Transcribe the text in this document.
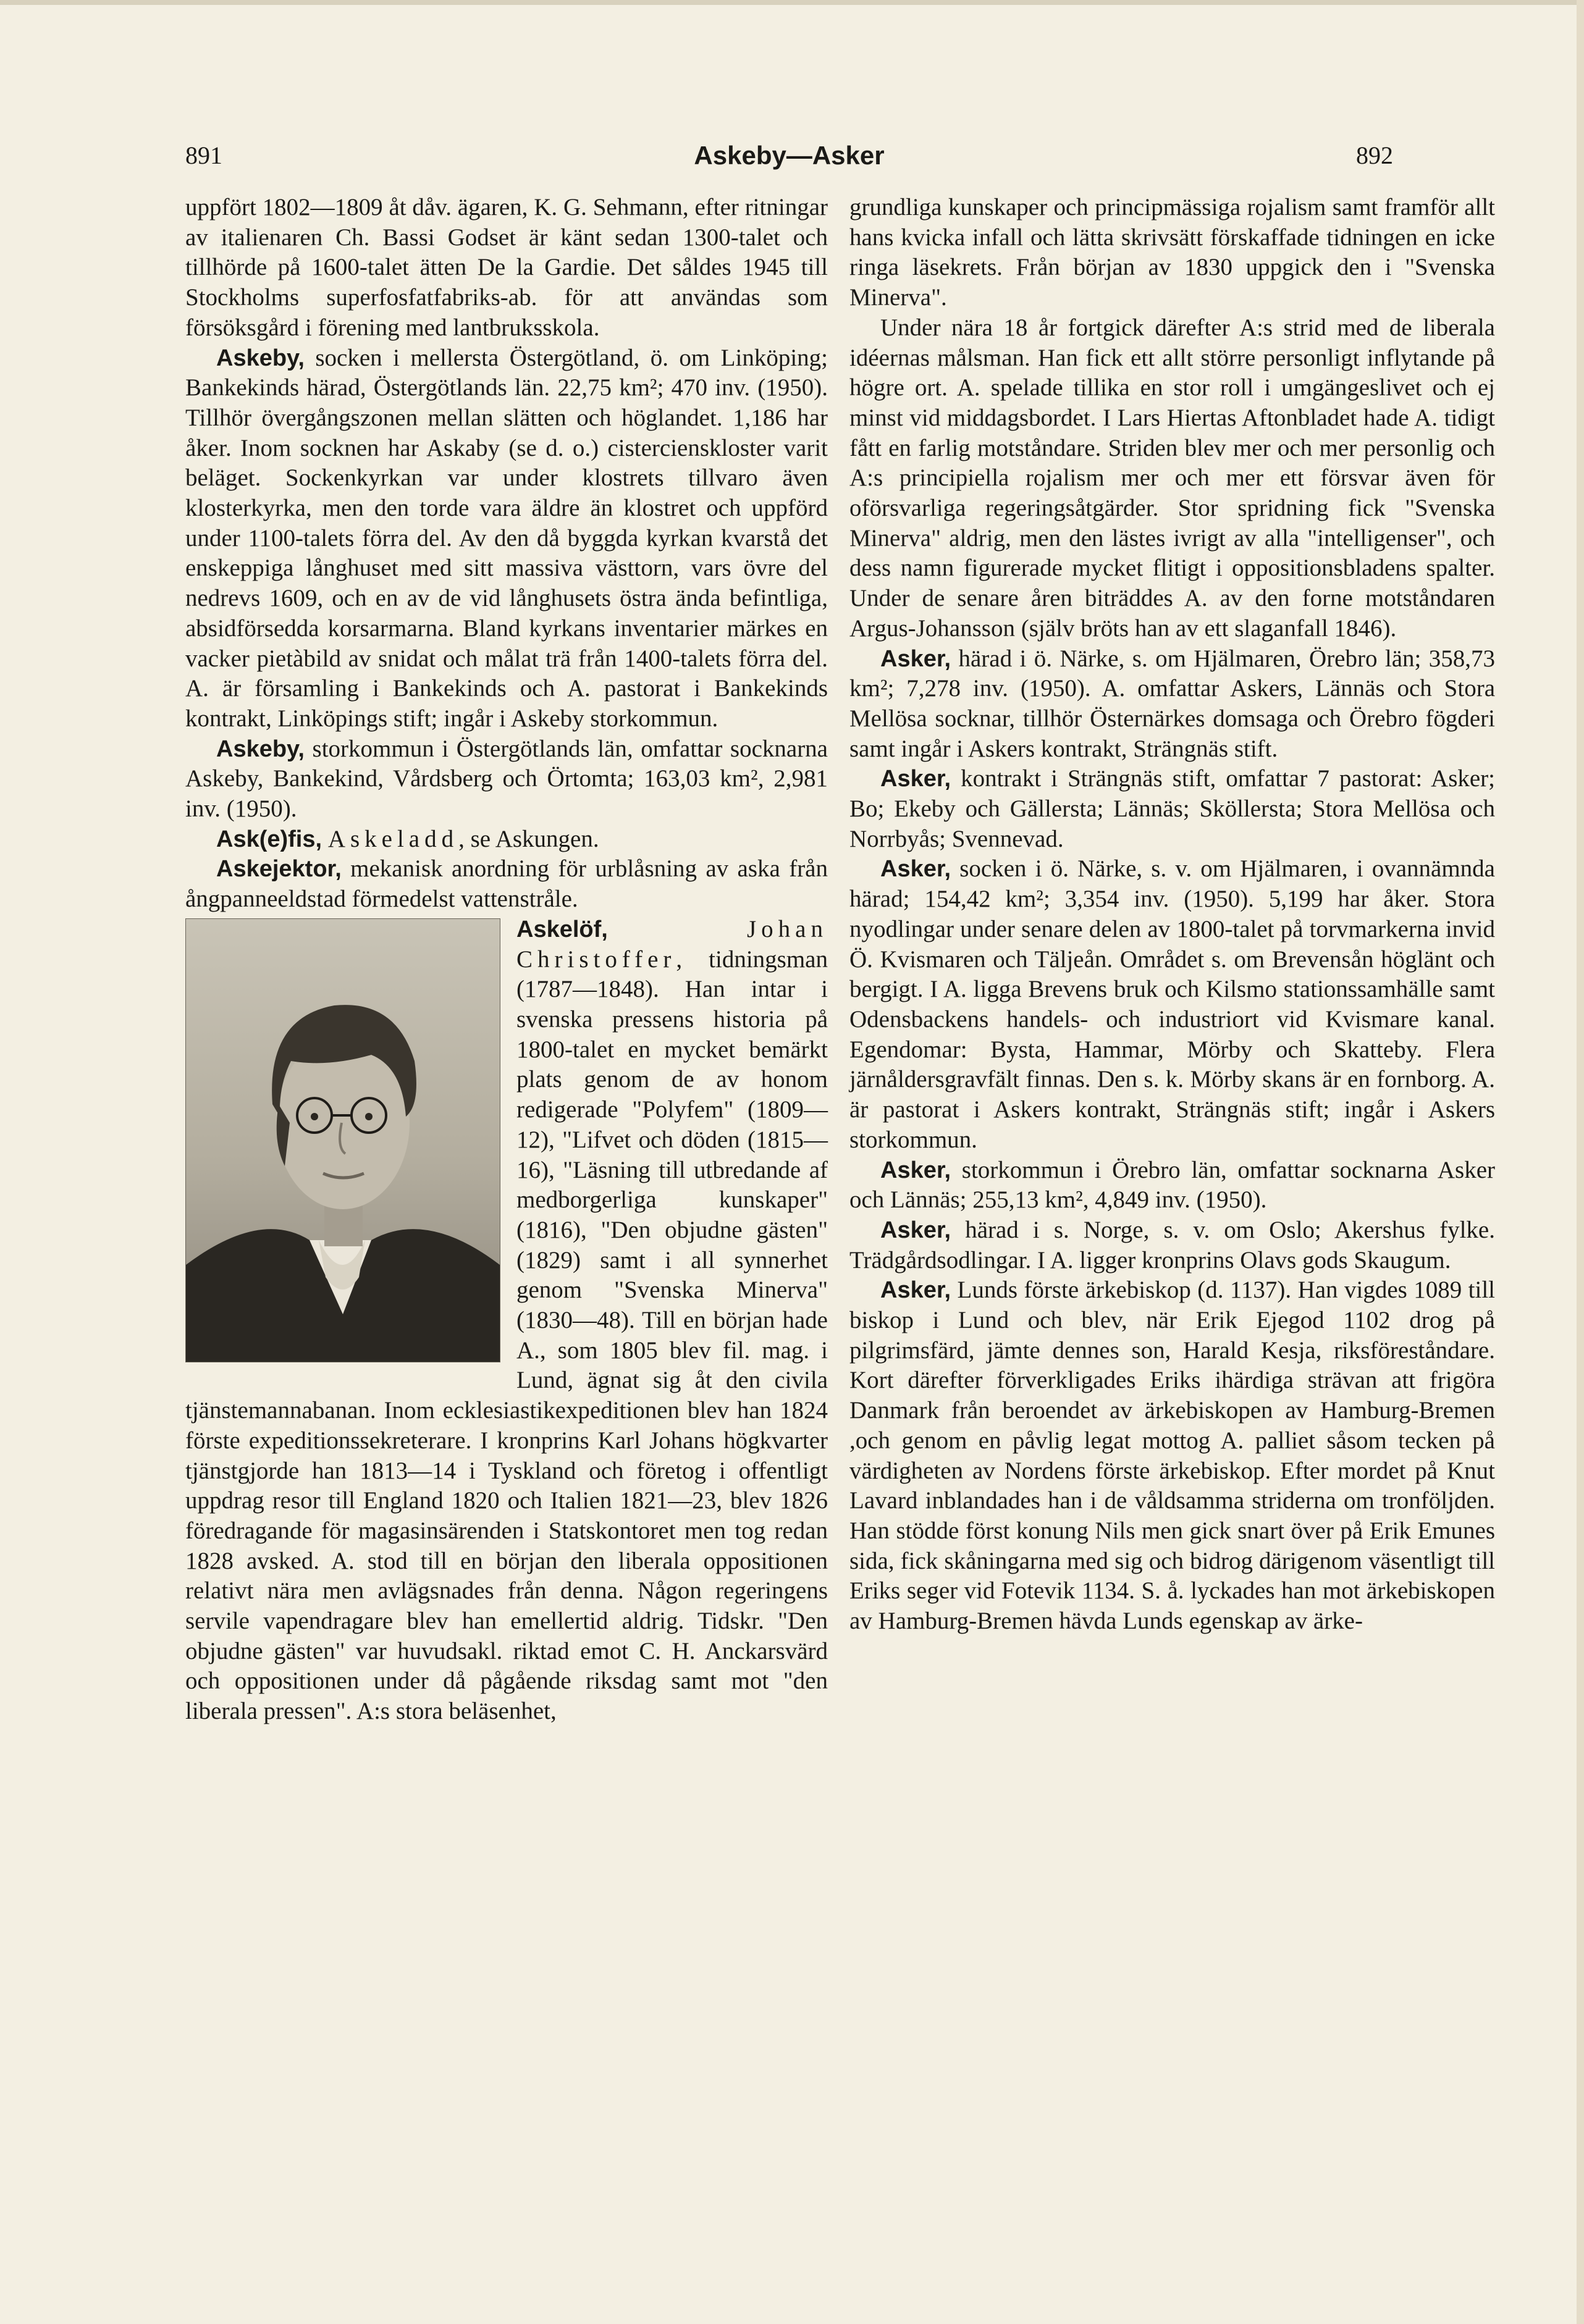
891	Askeby—Asker	892

uppfört 1802—1809 åt dåv. ägaren, K. G. Sehmann, efter ritningar av italienaren Ch. Bassi Godset är känt sedan 1300-talet och tillhörde på 1600-talet ätten De la Gardie. Det såldes 1945 till Stockholms superfosfatfabriks-ab. för att användas som försöksgård i förening med lantbruksskola.

Askeby, socken i mellersta Östergötland, ö. om Linköping; Bankekinds härad, Östergötlands län. 22,75 km²; 470 inv. (1950). Tillhör övergångszonen mellan slätten och höglandet. 1,186 har åker. Inom socknen har Askaby (se d. o.) cistercienskloster varit beläget. Sockenkyrkan var under klostrets tillvaro även klosterkyrka, men den torde vara äldre än klostret och uppförd under 1100-talets förra del. Av den då byggda kyrkan kvarstå det enskeppiga långhuset med sitt massiva västtorn, vars övre del nedrevs 1609, och en av de vid långhusets östra ända befintliga, absidförsedda korsarmarna. Bland kyrkans inventarier märkes en vacker pietàbild av snidat och målat trä från 1400-talets förra del. A. är församling i Bankekinds och A. pastorat i Bankekinds kontrakt, Linköpings stift; ingår i Askeby storkommun.

Askeby, storkommun i Östergötlands län, omfattar socknarna Askeby, Bankekind, Vårdsberg och Örtomta; 163,03 km², 2,981 inv. (1950).

Ask(e)fis, Askeladd, se Askungen.

Askejektor, mekanisk anordning för urblåsning av aska från ångpanneeldstad förmedelst vattenstråle.

Askelöf,	Johan Christoffer, tidningsman (1787—1848). Han intar i svenska pressens historia på 1800-talet en mycket bemärkt plats genom de av honom redigerade "Polyfem" (1809—12), "Lifvet och döden (1815—16), "Läsning till utbredande af medborgerliga kunskaper" (1816), "Den objudne gästen" (1829) samt i all synnerhet genom "Svenska Minerva" (1830—48). Till en början hade A., som 1805 blev fil. mag. i Lund, ägnat sig åt den civila tjänstemannabanan. Inom ecklesiastikexpeditionen blev han 1824 förste expeditionssekreterare. I kronprins Karl Johans högkvarter tjänstgjorde han 1813—14 i Tyskland och företog i offentligt uppdrag resor till England 1820 och Italien 1821—23, blev 1826 föredragande för magasinsärenden i Statskontoret men tog redan 1828 avsked. A. stod till en början den liberala oppositionen relativt nära men avlägsnades från denna. Någon regeringens servile vapendragare blev han emellertid aldrig. Tidskr. "Den objudne gästen" var huvudsakl. riktad emot C. H. Anckarsvärd och oppositionen under då pågående riksdag samt mot "den liberala pressen". A:s stora beläsenhet,

grundliga kunskaper och principmässiga rojalism samt framför allt hans kvicka infall och lätta skrivsätt förskaffade tidningen en icke ringa läsekrets. Från början av 1830 uppgick den i "Svenska Minerva".

Under nära 18 år fortgick därefter A:s strid med de liberala idéernas målsman. Han fick ett allt större personligt inflytande på högre ort. A. spelade tillika en stor roll i umgängeslivet och ej minst vid middagsbordet. I Lars Hiertas Aftonbladet hade A. tidigt fått en farlig motståndare. Striden blev mer och mer personlig och A:s principiella rojalism mer och mer ett försvar även för oförsvarliga regeringsåtgärder. Stor spridning fick "Svenska Minerva" aldrig, men den lästes ivrigt av alla "intelligenser", och dess namn figurerade mycket flitigt i oppositionsbladens spalter. Under de senare åren biträddes A. av den forne motståndaren Argus-Johansson (själv bröts han av ett slaganfall 1846).

Asker, härad i ö. Närke, s. om Hjälmaren, Örebro län; 358,73 km²; 7,278 inv. (1950). A. omfattar Askers, Lännäs och Stora Mellösa socknar, tillhör Östernärkes domsaga och Örebro fögderi samt ingår i Askers kontrakt, Strängnäs stift.

Asker, kontrakt i Strängnäs stift, omfattar 7 pastorat: Asker; Bo; Ekeby och Gällersta; Lännäs; Sköllersta; Stora Mellösa och Norrbyås; Svennevad.

Asker, socken i ö. Närke, s. v. om Hjälmaren, i ovannämnda härad; 154,42 km²; 3,354 inv. (1950). 5,199 har åker. Stora nyodlingar under senare delen av 1800-talet på torvmarkerna invid Ö. Kvismaren och Täljeån. Området s. om Brevensån höglänt och bergigt. I A. ligga Brevens bruk och Kilsmo stationssamhälle samt Odensbackens handels- och industriort vid Kvismare kanal. Egendomar: Bysta, Hammar, Mörby och Skatteby. Flera järnåldersgravfält finnas. Den s. k. Mörby skans är en fornborg. A. är pastorat i Askers kontrakt, Strängnäs stift; ingår i Askers storkommun.

Asker, storkommun i Örebro län, omfattar socknarna Asker och Lännäs; 255,13 km², 4,849 inv. (1950).

Asker, härad i s. Norge, s. v. om Oslo; Akershus fylke. Trädgårdsodlingar. I A. ligger kronprins Olavs gods Skaugum.

Asker, Lunds förste ärkebiskop (d. 1137). Han vigdes 1089 till biskop i Lund och blev, när Erik Ejegod 1102 drog på pilgrimsfärd, jämte dennes son, Harald Kesja, riksföreståndare. Kort därefter förverkligades Eriks ihärdiga strävan att frigöra Danmark från beroendet av ärkebiskopen av Hamburg-Bremen ,och genom en påvlig legat mottog A. palliet såsom tecken på värdigheten av Nordens förste ärkebiskop. Efter mordet på Knut Lavard inblandades han i de våldsamma striderna om tronföljden. Han stödde först konung Nils men gick snart över på Erik Emunes sida, fick skåningarna med sig och bidrog därigenom väsentligt till Eriks seger vid Fotevik 1134. S. å. lyckades han mot ärkebiskopen av Hamburg-Bremen hävda Lunds egenskap av ärke-
